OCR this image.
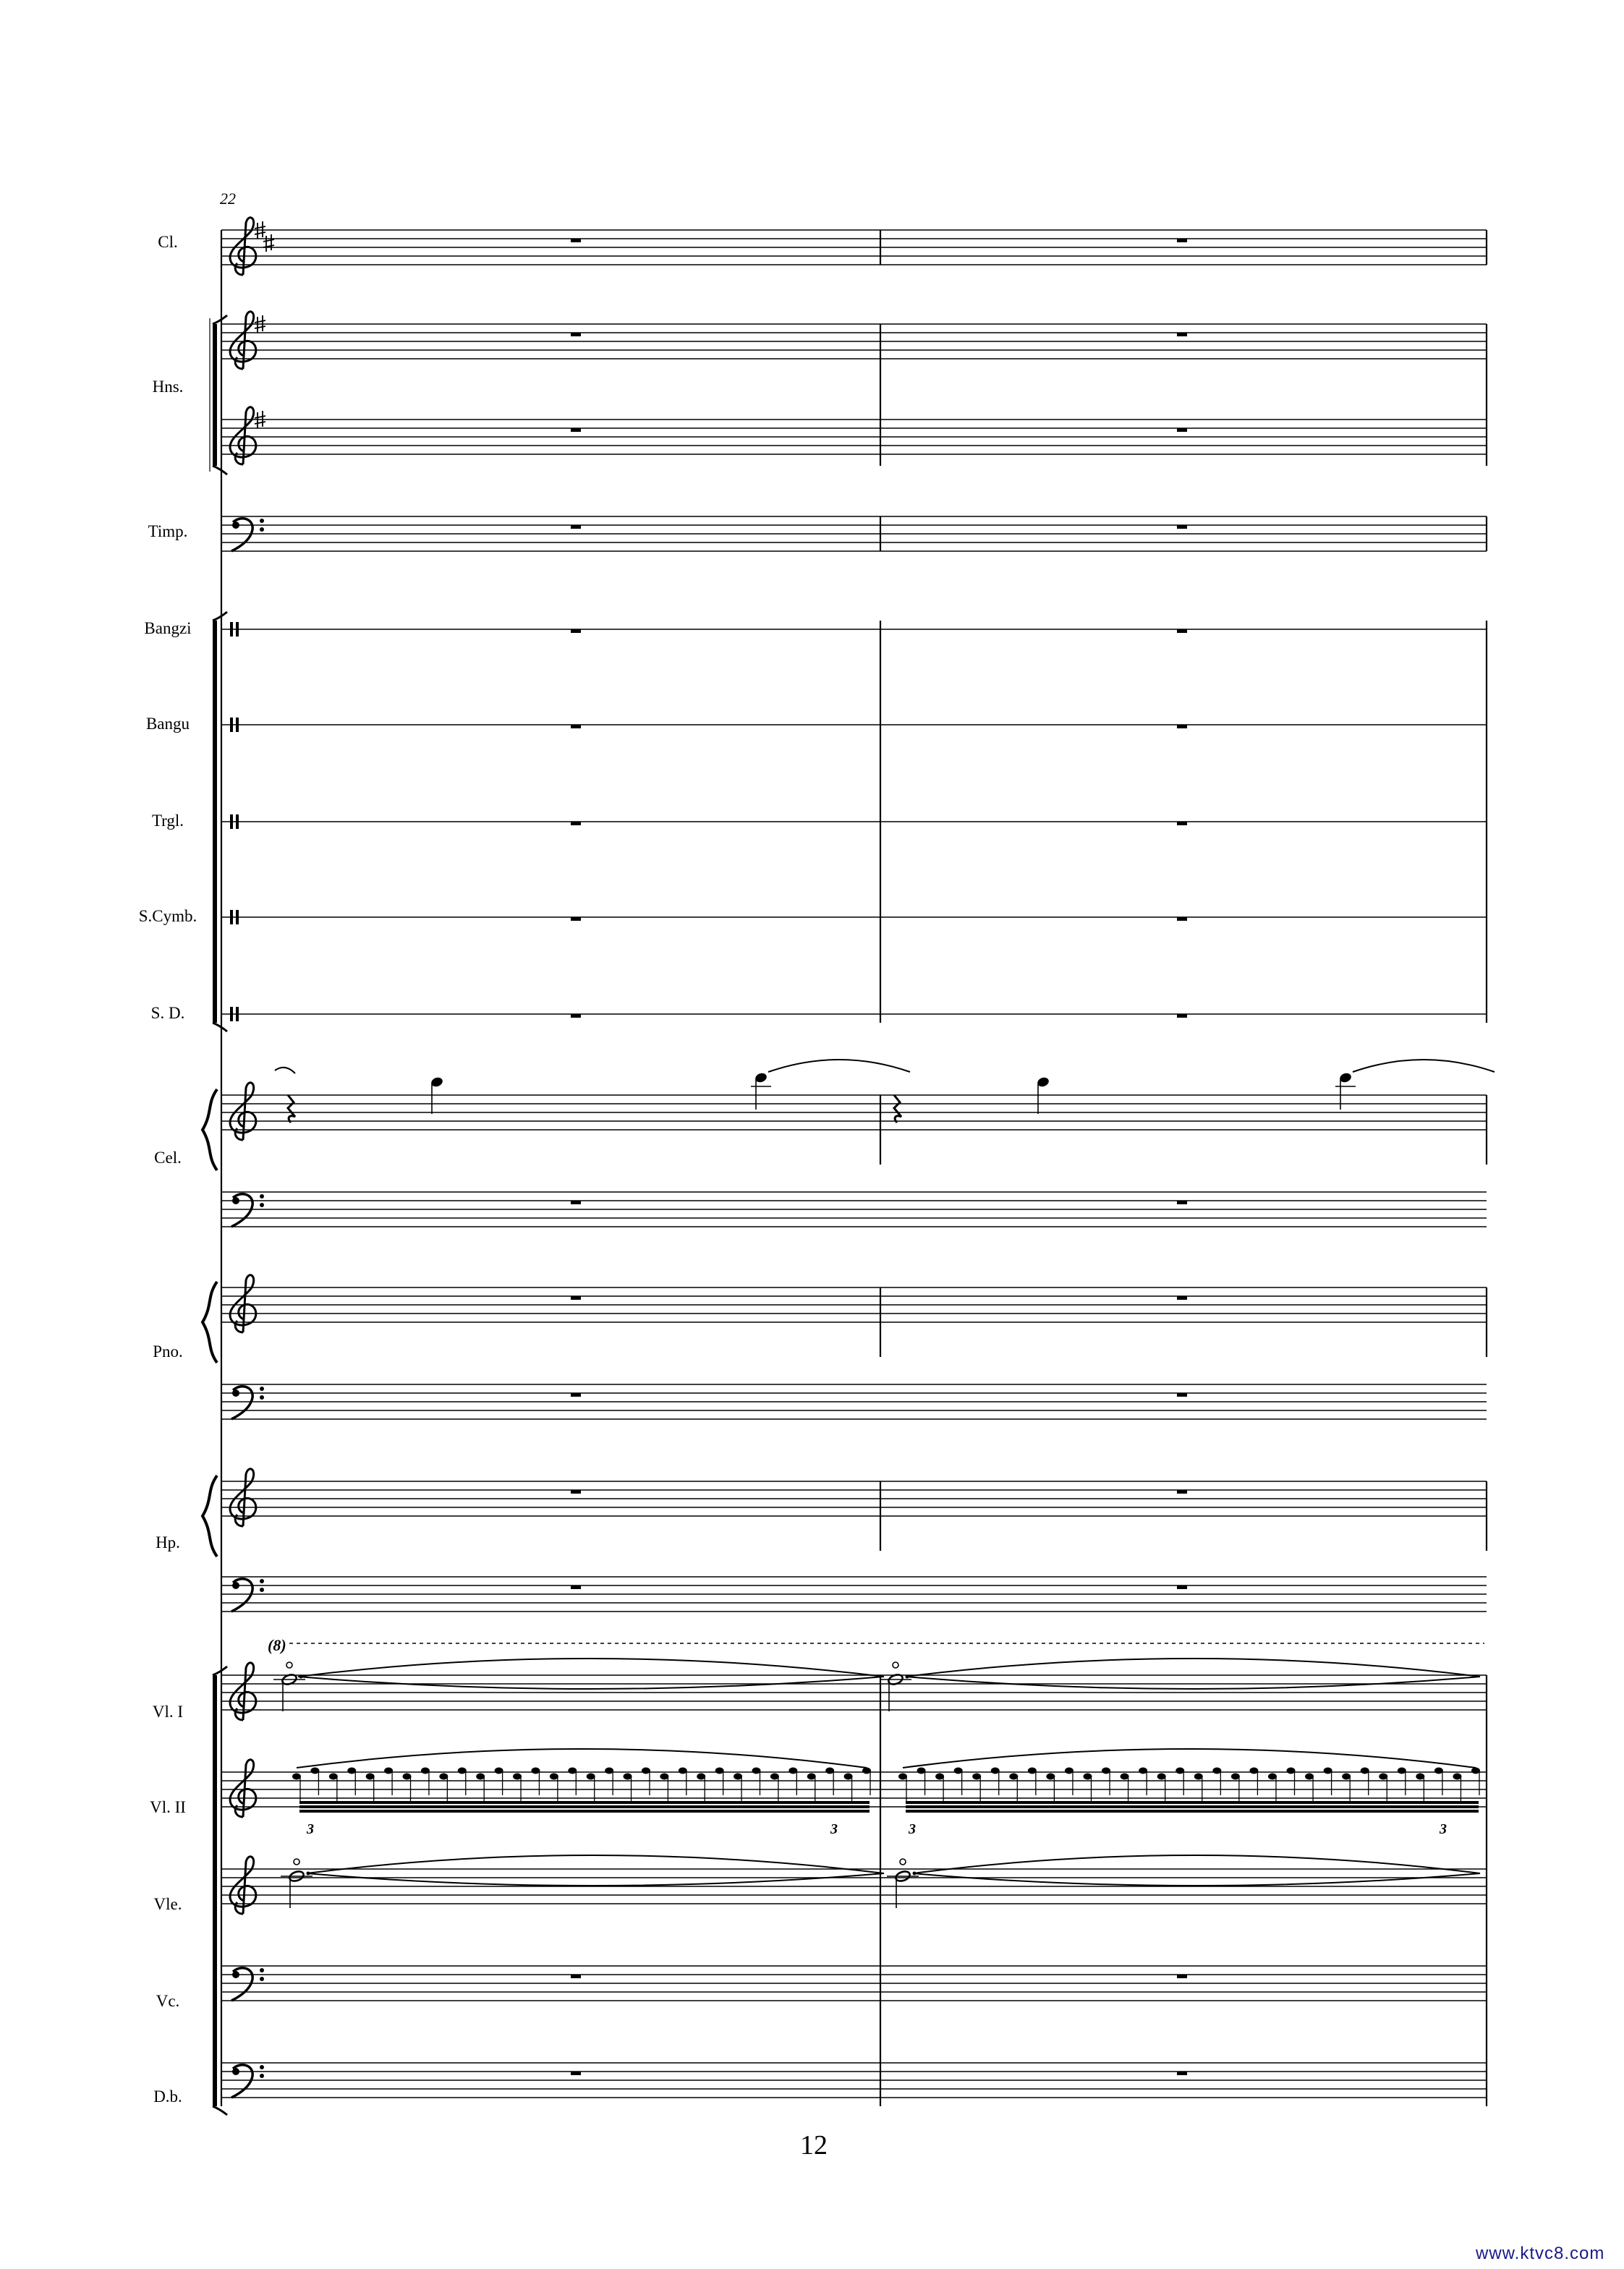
Cl.
Hns.
Timp.
Bangzi
Bangu
Trgl.
S.Cymb.
S. D.
Cel.
Pno.
Hp.
Vl. I
Vl. II
Vle.
Vc.
D.b.
22
(8)
3	3	3	3
12
www.ktvc8.com
